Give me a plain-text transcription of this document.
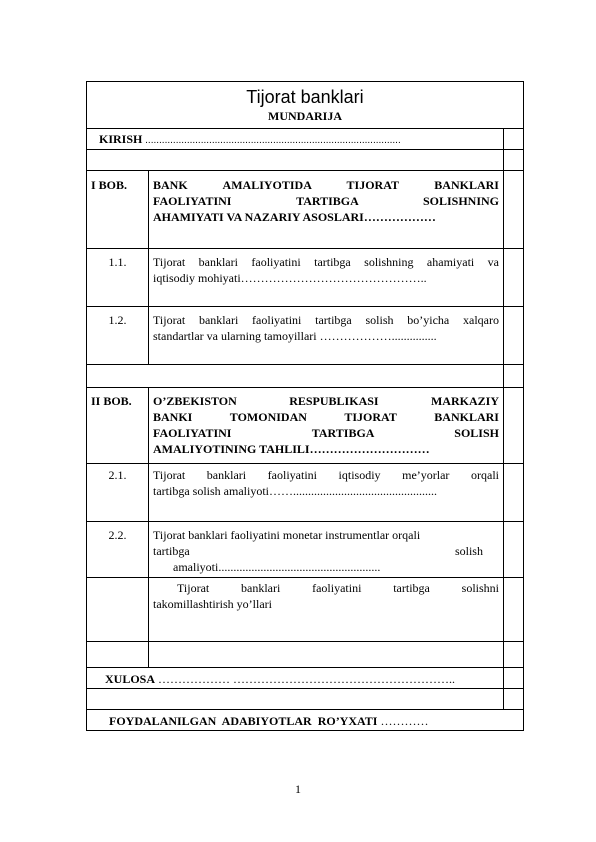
Tijorat banklari
MUNDARIJA		

KIRISH ............................................................................................		

I BOB.	BANK AMALIYOTIDA TIJORAT BANKLARI
FAOLIYATINI TARTIBGA SOLISHNING
AHAMIYATI VA NAZARIY ASOSLARI………………	

1.1.	Tijorat banklari faoliyatini tartibga solishning ahamiyati va
iqtisodiy mohiyati………………………………………..	

1.2.	Tijorat banklari faoliyatini tartibga solish bo’yicha xalqaro
standartlar va ularning tamoyillari ………………...............	

II BOB.	O’ZBEKISTON RESPUBLIKASI MARKAZIY
BANKI TOMONIDAN TIJORAT BANKLARI
FAOLIYATINI TARTIBGA SOLISH
AMALIYOTINING TAHLILI…………………………	

2.1.	Tijorat banklari faoliyatini iqtisodiy me’yorlar orqali
tartibga solish amaliyoti……................................................	

2.2.	Tijorat banklari faoliyatini monetar instrumentlar orqali
tartibga solish
amaliyoti......................................................	

	Tijorat banklari faoliyatini tartibga solishni
takomillashtirish yo’llari	

XULOSA ……………… ………………………………………………..		

FOYDALANILGAN ADABIYOTLAR RO’YXATI …………		
1
